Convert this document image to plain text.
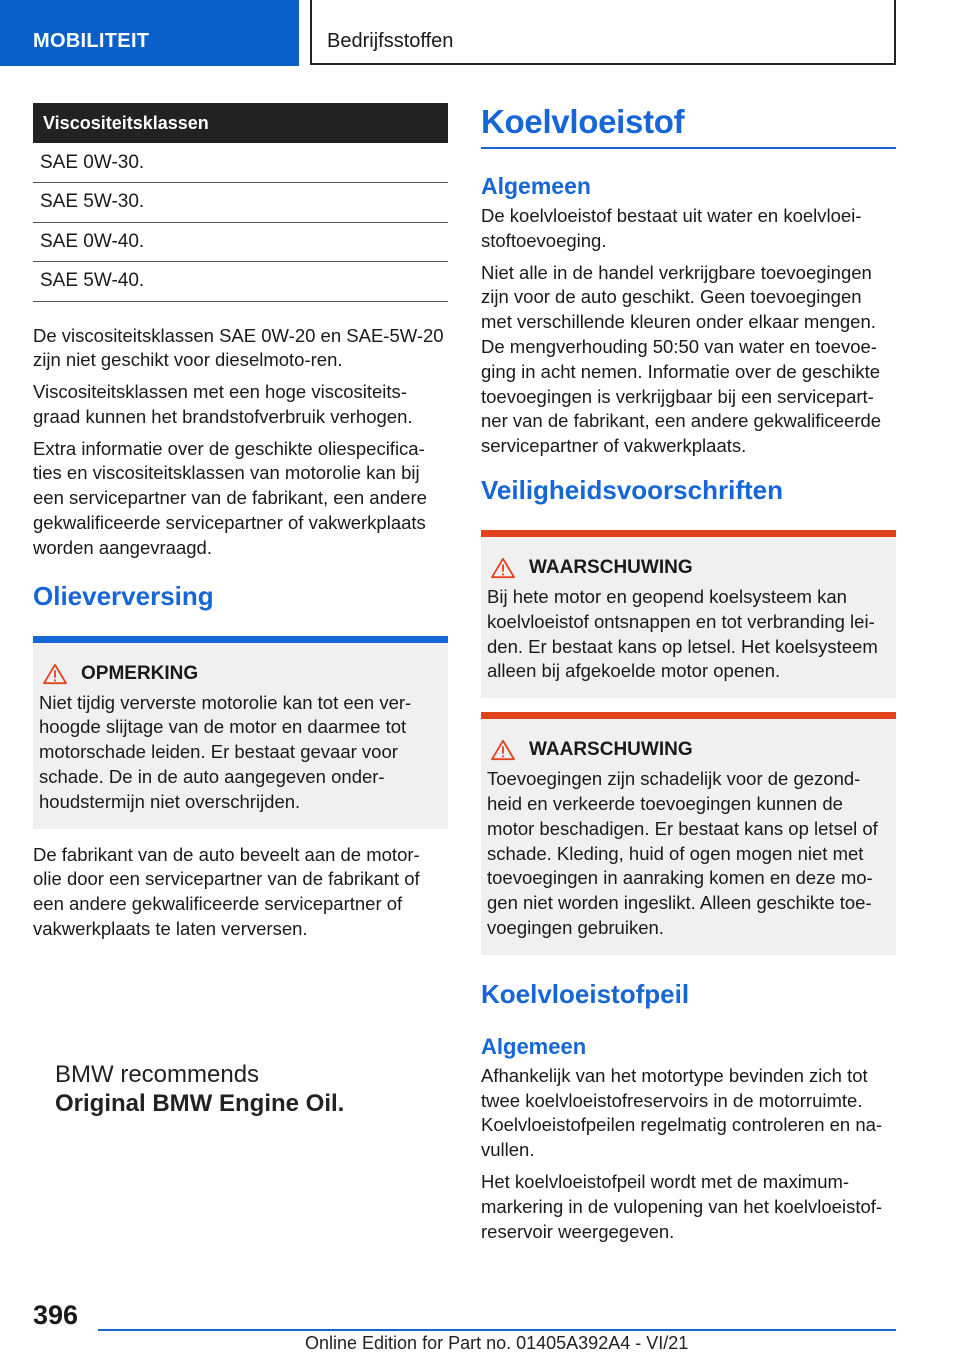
MOBILITEIT	Bedrijfsstoffen
Viscositeitsklassen
SAE 0W-30.
SAE 5W-30.
SAE 0W-40.
SAE 5W-40.

De viscositeitsklassen SAE 0W-20 en SAE-5W-20 zijn niet geschikt voor dieselmoto-ren.

Viscositeitsklassen met een hoge viscositeits-graad kunnen het brandstofverbruik verhogen.

Extra informatie over de geschikte oliespecifica-ties en viscositeitsklassen van motorolie kan bij een servicepartner van de fabrikant, een andere gekwalificeerde servicepartner of vakwerkplaats worden aangevraagd.

Olieverversing
OPMERKING

Niet tijdig ververste motorolie kan tot een ver-hoogde slijtage van de motor en daarmee tot motorschade leiden. Er bestaat gevaar voor schade. De in de auto aangegeven onder-houdstermijn niet overschrijden.

De fabrikant van de auto beveelt aan de motor-olie door een servicepartner van de fabrikant of een andere gekwalificeerde servicepartner of vakwerkplaats te laten verversen.

BMW recommends
Original BMW Engine Oil.
Koelvloeistof
Algemeen

De koelvloeistof bestaat uit water en koelvloei-stoftoevoeging.

Niet alle in de handel verkrijgbare toevoegingen zijn voor de auto geschikt. Geen toevoegingen met verschillende kleuren onder elkaar mengen. De mengverhouding 50:50 van water en toevoe-ging in acht nemen. Informatie over de geschikte toevoegingen is verkrijgbaar bij een servicepart-ner van de fabrikant, een andere gekwalificeerde servicepartner of vakwerkplaats.

Veiligheidsvoorschriften
WAARSCHUWING

Bij hete motor en geopend koelsysteem kan koelvloeistof ontsnappen en tot verbranding lei-den. Er bestaat kans op letsel. Het koelsysteem alleen bij afgekoelde motor openen.

WAARSCHUWING

Toevoegingen zijn schadelijk voor de gezond-heid en verkeerde toevoegingen kunnen de motor beschadigen. Er bestaat kans op letsel of schade. Kleding, huid of ogen mogen niet met toevoegingen in aanraking komen en deze mo-gen niet worden ingeslikt. Alleen geschikte toe-voegingen gebruiken.

Koelvloeistofpeil
Algemeen

Afhankelijk van het motortype bevinden zich tot twee koelvloeistofreservoirs in de motorruimte. Koelvloeistofpeilen regelmatig controleren en na-vullen.

Het koelvloeistofpeil wordt met de maximum-markering in de vulopening van het koelvloeistof-reservoir weergegeven.

396
Online Edition for Part no. 01405A392A4 - VI/21
